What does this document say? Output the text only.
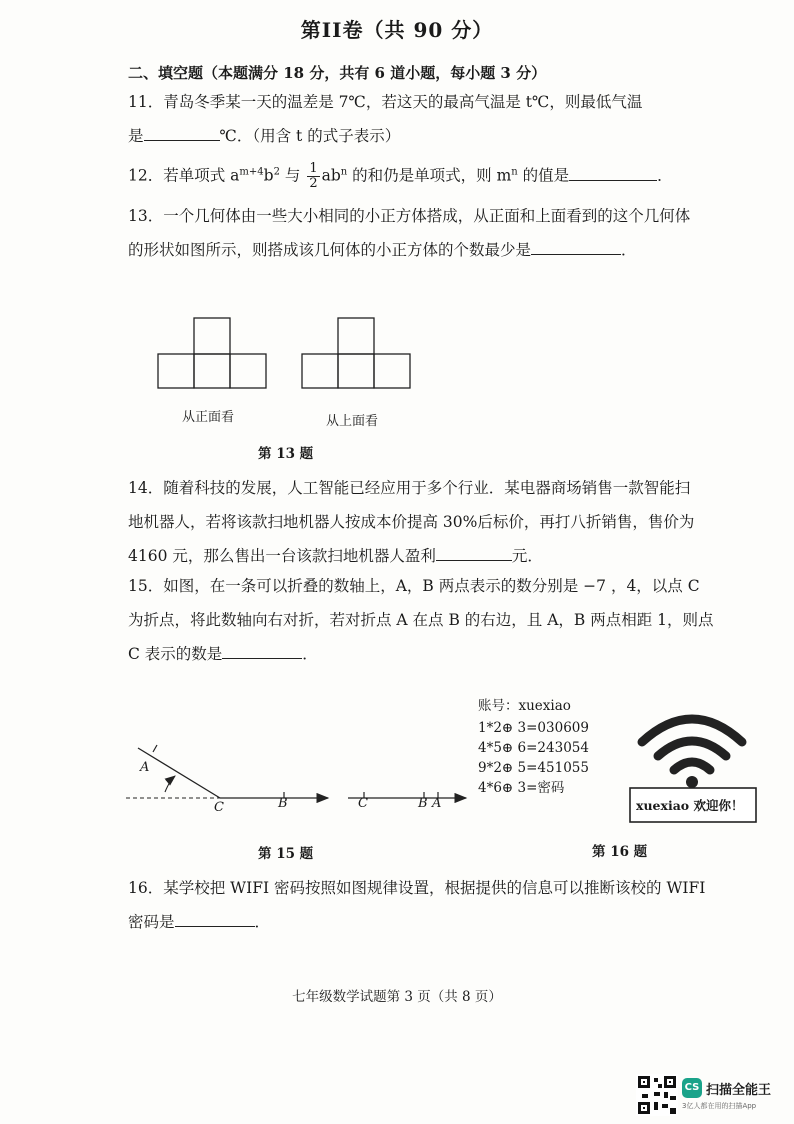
第II卷（共 90 分）
二、填空题（本题满分 18 分，共有 6 道小题，每小题 3 分）
11．青岛冬季某一天的温差是 7℃，若这天的最高气温是 t℃，则最低气温
是	℃．（用含 t 的式子表示）
12．若单项式 $a^{m+4}b^2$ 与 $\frac{1}{2} ab^n$ 的和仍是单项式，则 $m^n$ 的值是	．
13．一个几何体由一些大小相同的小正方体搭成，从正面和上面看到的这个几何体
的形状如图所示，则搭成该几何体的小正方体的个数最少是	．
从正面看	从上面看
第 13 题
14．随着科技的发展，人工智能已经应用于多个行业．某电器商场销售一款智能扫
地机器人，若将该款扫地机器人按成本价提高 30%后标价，再打八折销售，售价为
4160 元，那么售出一台该款扫地机器人盈利	元．
15．如图，在一条可以折叠的数轴上，A，B 两点表示的数分别是 −7 ，4，以点 C
为折点，将此数轴向右对折，若对折点 A 在点 B 的右边，且 A，B 两点相距 1，则点
C 表示的数是	．
A
C	B	C	B A
第 15 题
账号：xuexiao
1*2⊕ 3=030609
4*5⊕ 6=243054
9*2⊕ 5=451055
4*6⊕ 3=密码
xuexiao 欢迎你！
第 16 题
16．某学校把 WIFI 密码按照如图规律设置，根据提供的信息可以推断该校的 WIFI
密码是	．
七年级数学试题第 3 页（共 8 页）
CS 扫描全能王
3亿人都在用的扫描App
